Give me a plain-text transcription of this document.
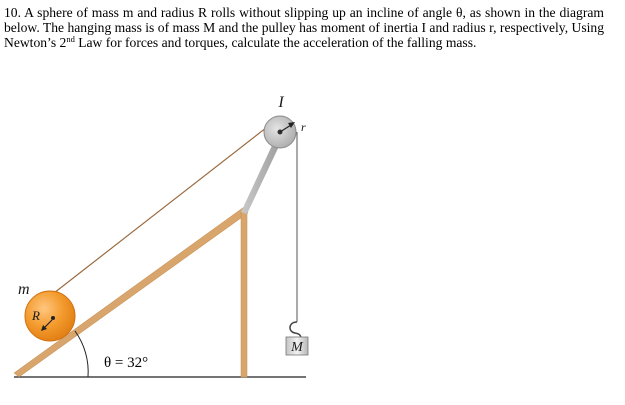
10. A sphere of mass m and radius R rolls without slipping up an incline of angle θ, as shown in the diagram below. The hanging mass is of mass M and the pulley has moment of inertia I and radius r, respectively, Using Newton’s 2nd Law for forces and torques, calculate the acceleration of the falling mass.

I
r
m
R
M
θ = 32°
